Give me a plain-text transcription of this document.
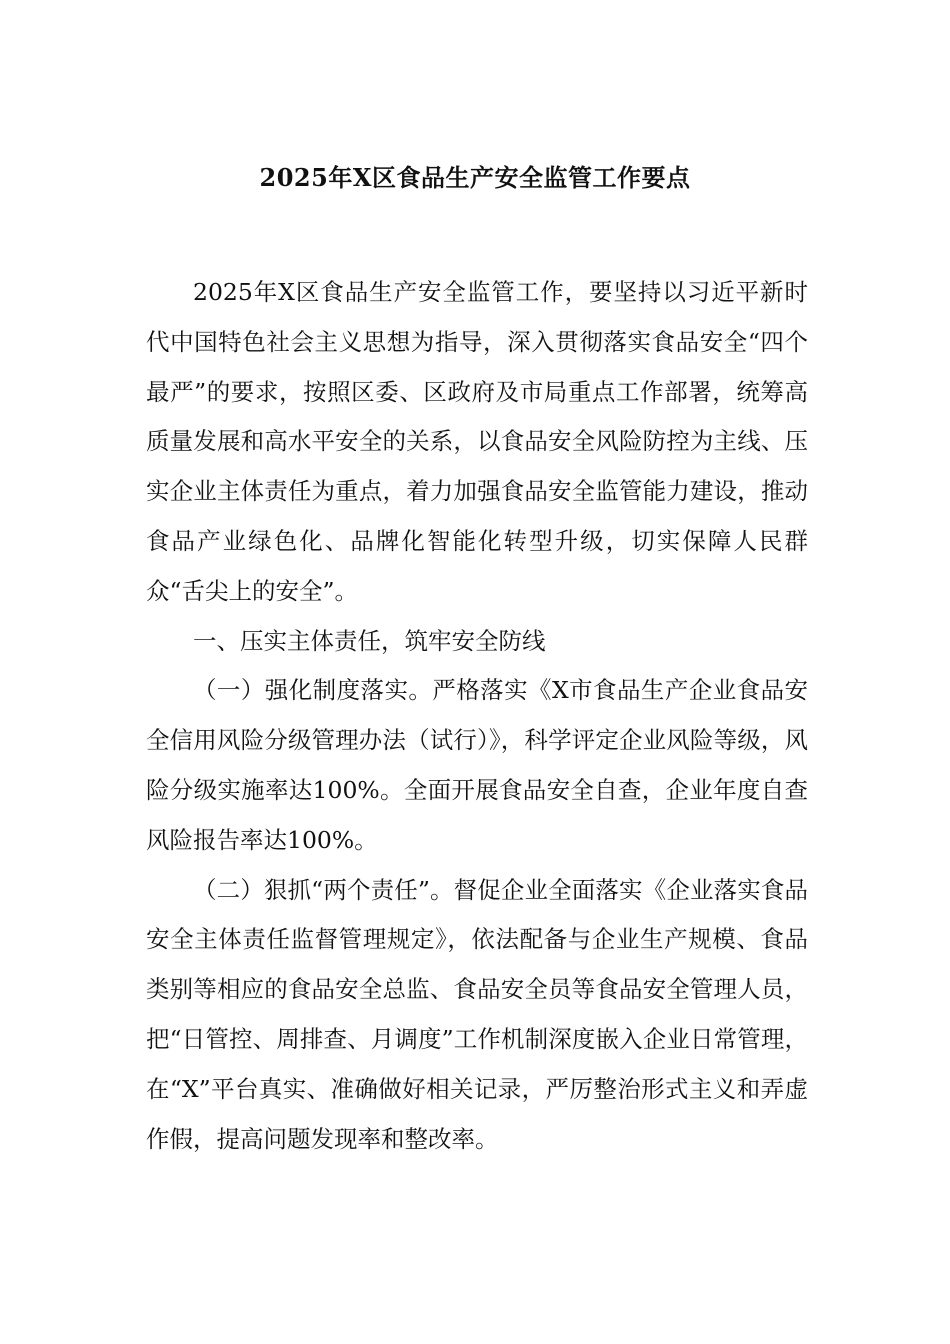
2025年X区食品生产安全监管工作要点

2025年X区食品生产安全监管工作，要坚持以习近平新时代中国特色社会主义思想为指导，深入贯彻落实食品安全“四个最严”的要求，按照区委、区政府及市局重点工作部署，统筹高质量发展和高水平安全的关系，以食品安全风险防控为主线、压实企业主体责任为重点，着力加强食品安全监管能力建设，推动食品产业绿色化、品牌化智能化转型升级，切实保障人民群众“舌尖上的安全”。

一、压实主体责任，筑牢安全防线

（一）强化制度落实。严格落实《X市食品生产企业食品安全信用风险分级管理办法（试行）》，科学评定企业风险等级，风险分级实施率达100%。全面开展食品安全自查，企业年度自查风险报告率达100%。

（二）狠抓“两个责任”。督促企业全面落实《企业落实食品安全主体责任监督管理规定》，依法配备与企业生产规模、食品类别等相应的食品安全总监、食品安全员等食品安全管理人员，把“日管控、周排查、月调度”工作机制深度嵌入企业日常管理，在“X”平台真实、准确做好相关记录，严厉整治形式主义和弄虚作假，提高问题发现率和整改率。
